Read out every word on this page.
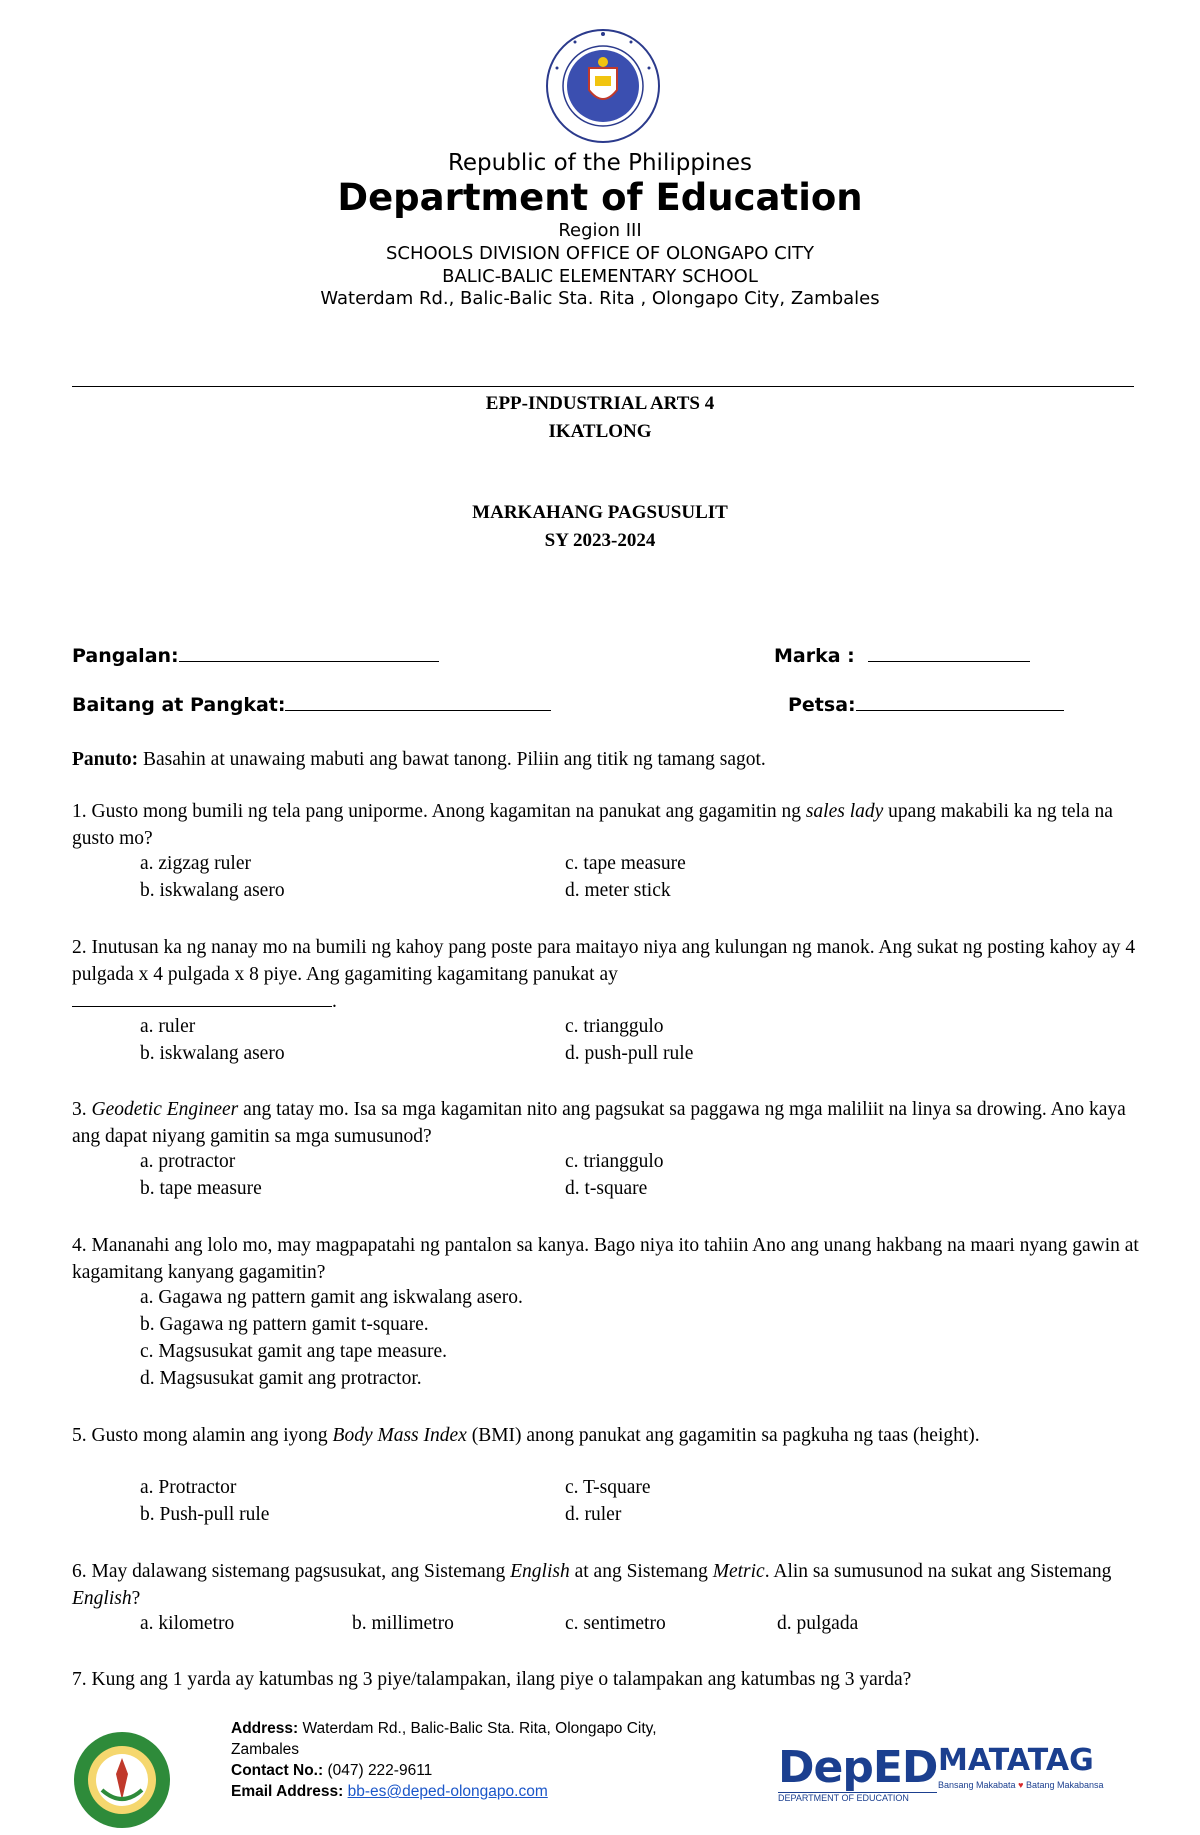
Republic of the Philippines
Department of Education
Region III
SCHOOLS DIVISION OFFICE OF OLONGAPO CITY
BALIC-BALIC ELEMENTARY SCHOOL
Waterdam Rd., Balic-Balic Sta. Rita , Olongapo City, Zambales
EPP-INDUSTRIAL ARTS 4
IKATLONG
MARKAHANG PAGSUSULIT
SY 2023-2024
Pangalan:	Marka :
Baitang at Pangkat:	Petsa:
Panuto: Basahin at unawaing mabuti ang bawat tanong. Piliin ang titik ng tamang sagot.
1. Gusto mong bumili ng tela pang uniporme. Anong kagamitan na panukat ang gagamitin ng sales lady upang makabili ka ng tela na gusto mo?
a. zigzag ruler	c. tape measure
b. iskwalang asero	d. meter stick
2. Inutusan ka ng nanay mo na bumili ng kahoy pang poste para maitayo niya ang kulungan ng manok. Ang sukat ng posting kahoy ay 4 pulgada x 4 pulgada x 8 piye. Ang gagamiting kagamitang panukat ay
.
a. ruler	c. trianggulo
b. iskwalang asero	d. push-pull rule
3. Geodetic Engineer ang tatay mo. Isa sa mga kagamitan nito ang pagsukat sa paggawa ng mga maliliit na linya sa drowing. Ano kaya ang dapat niyang gamitin sa mga sumusunod?
a. protractor	c. trianggulo
b. tape measure	d. t-square
4. Mananahi ang lolo mo, may magpapatahi ng pantalon sa kanya. Bago niya ito tahiin Ano ang unang hakbang na maari nyang gawin at kagamitang kanyang gagamitin?
a. Gagawa ng pattern gamit ang iskwalang asero.
b. Gagawa ng pattern gamit t-square.
c. Magsusukat gamit ang tape measure.
d. Magsusukat gamit ang protractor.
5. Gusto mong alamin ang iyong Body Mass Index (BMI) anong panukat ang gagamitin sa pagkuha ng taas (height).
a. Protractor	c. T-square
b. Push-pull rule	d. ruler
6. May dalawang sistemang pagsusukat, ang Sistemang English at ang Sistemang Metric. Alin sa sumusunod na sukat ang Sistemang English?
a. kilometro	b. millimetro	c. sentimetro	d. pulgada
7. Kung ang 1 yarda ay katumbas ng 3 piye/talampakan, ilang piye o talampakan ang katumbas ng 3 yarda?
Address: Waterdam Rd., Balic-Balic Sta. Rita, Olongapo City,
Zambales
Contact No.: (047) 222-9611
Email Address: bb-es@deped-olongapo.com	DepED
DEPARTMENT OF EDUCATION
MATATAG
Bansang Makabata ♥ Batang Makabansa
